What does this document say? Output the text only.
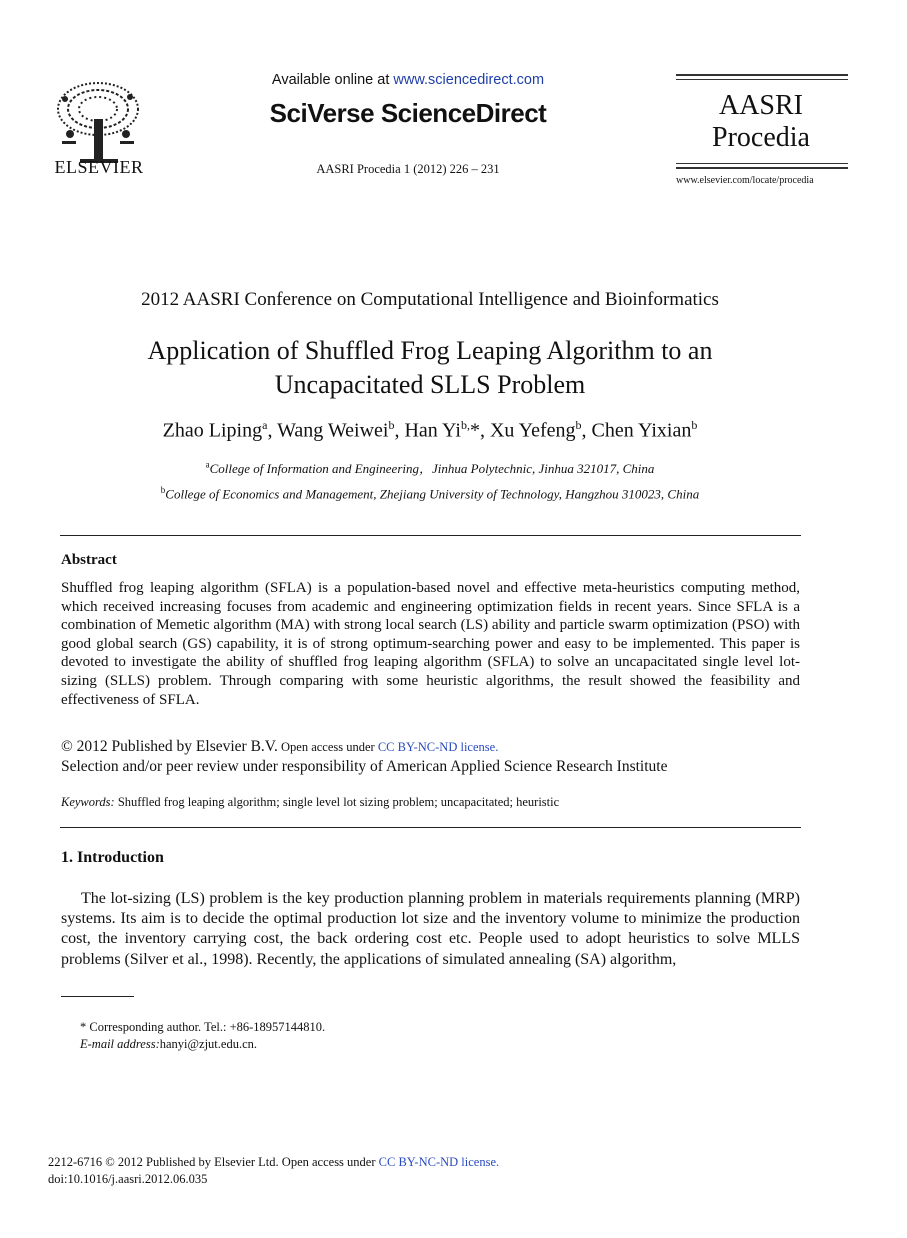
ELSEVIER
Available online at www.sciencedirect.com
SciVerse ScienceDirect
AASRI Procedia 1 (2012) 226 – 231
AASRI
Procedia
www.elsevier.com/locate/procedia
2012 AASRI Conference on Computational Intelligence and Bioinformatics
Application of Shuffled Frog Leaping Algorithm to an
Uncapacitated SLLS Problem
Zhao Liping$^a$, Wang Weiwei$^b$, Han $Yi^{b,}*$, Xu Yefeng$^b$, Chen Yixian$^b$
$^a$College of Information and Engineering，Jinhua Polytechnic, Jinhua 321017, China
$^b$College of Economics and Management, Zhejiang University of Technology, Hangzhou 310023, China
Abstract
Shuffled frog leaping algorithm (SFLA) is a population-based novel and effective meta-heuristics computing method, which received increasing focuses from academic and engineering optimization fields in recent years. Since SFLA is a combination of Memetic algorithm (MA) with strong local search (LS) ability and particle swarm optimization (PSO) with good global search (GS) capability, it is of strong optimum-searching power and easy to be implemented. This paper is devoted to investigate the ability of shuffled frog leaping algorithm (SFLA) to solve an uncapacitated single level lot-sizing (SLLS) problem. Through comparing with some heuristic algorithms, the result showed the feasibility and effectiveness of SFLA.
© 2012 Published by Elsevier B.V. Open access under CC BY-NC-ND license.
Selection and/or peer review under responsibility of American Applied Science Research Institute
Keywords: Shuffled frog leaping algorithm; single level lot sizing problem; uncapacitated; heuristic
1. Introduction
The lot-sizing (LS) problem is the key production planning problem in materials requirements planning (MRP) systems. Its aim is to decide the optimal production lot size and the inventory volume to minimize the production cost, the inventory carrying cost, the back ordering cost etc. People used to adopt heuristics to solve MLLS problems (Silver et al., 1998). Recently, the applications of simulated annealing (SA) algorithm,
* Corresponding author. Tel.: +86-18957144810.
E-mail address:hanyi@zjut.edu.cn.
2212-6716 © 2012 Published by Elsevier Ltd. Open access under CC BY-NC-ND license.
doi:10.1016/j.aasri.2012.06.035
